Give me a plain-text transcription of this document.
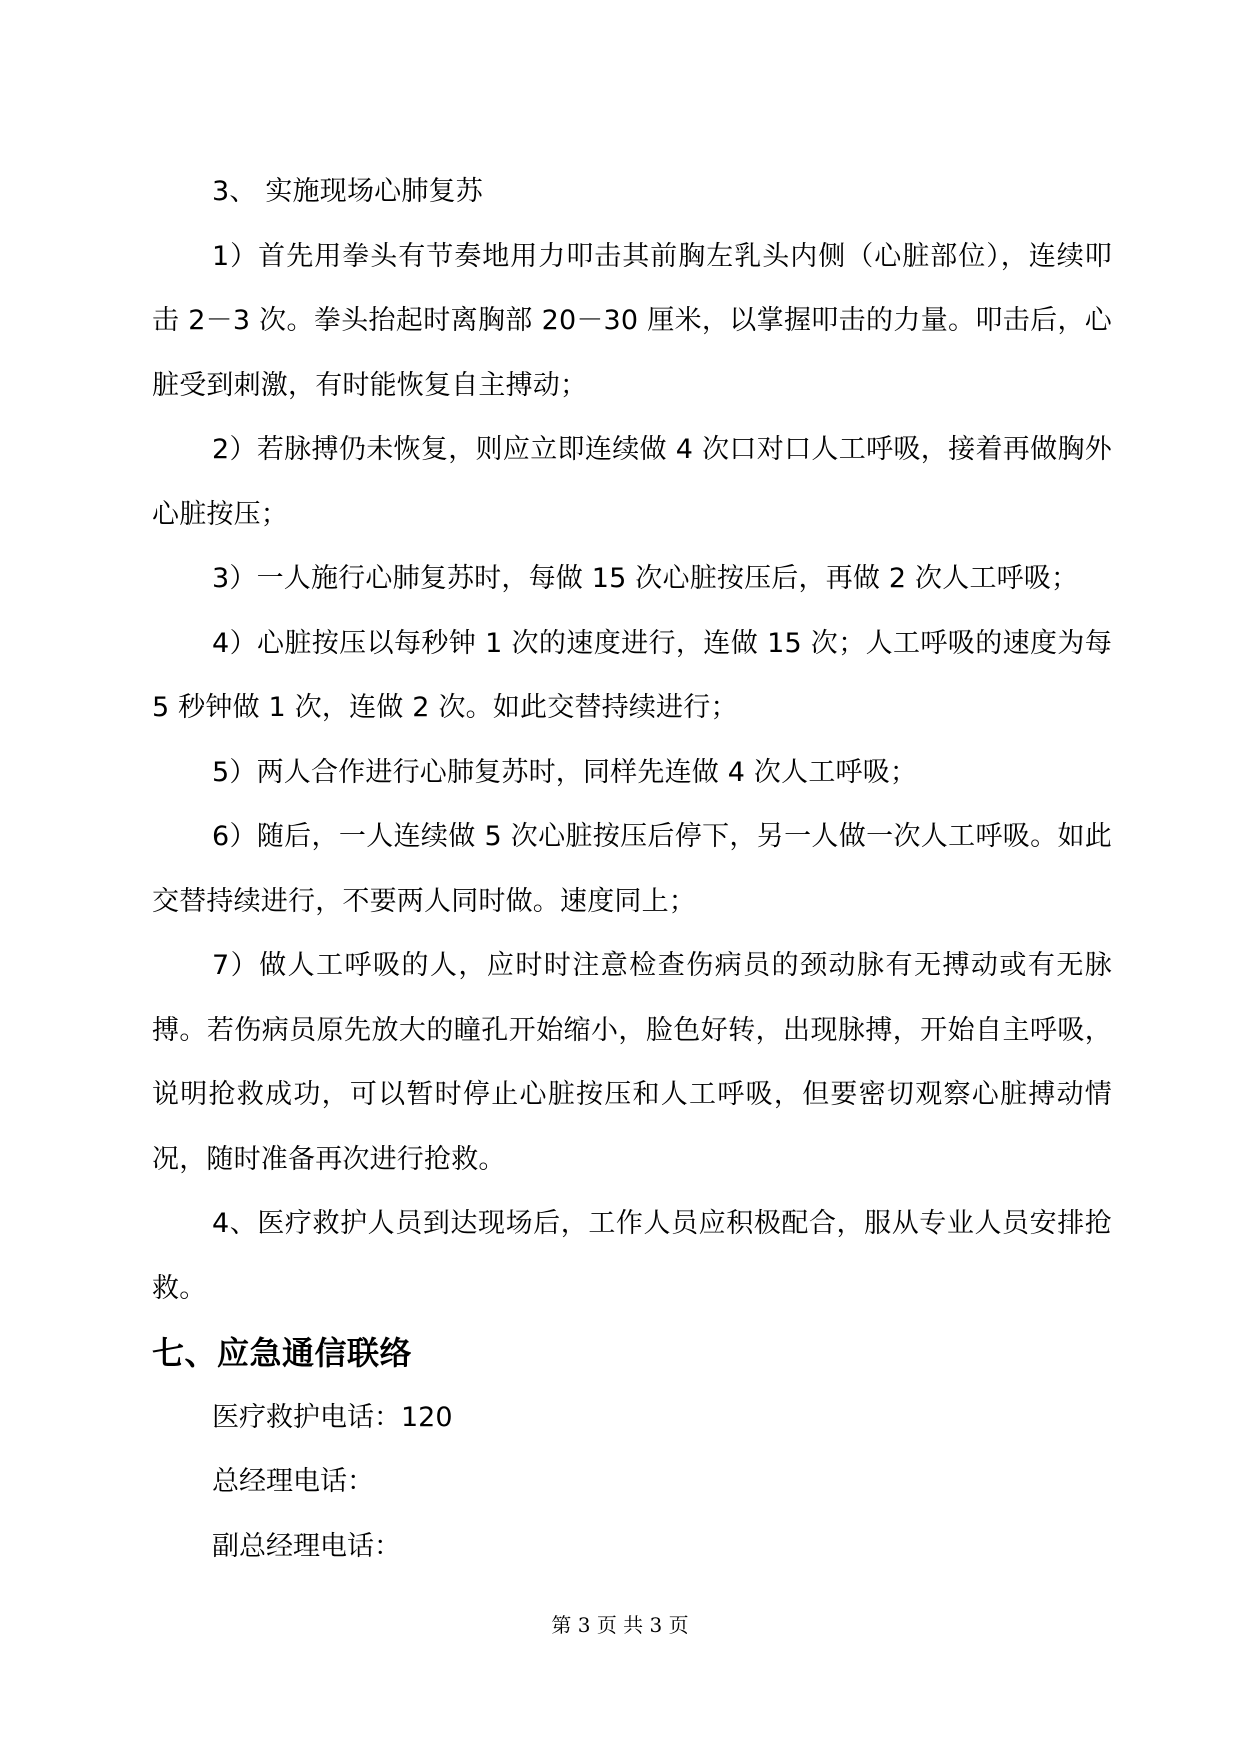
3、 实施现场心肺复苏

1）首先用拳头有节奏地用力叩击其前胸左乳头内侧（心脏部位），连续叩击 2－3 次。拳头抬起时离胸部 20－30 厘米，以掌握叩击的力量。叩击后，心脏受到刺激，有时能恢复自主搏动；

2）若脉搏仍未恢复，则应立即连续做 4 次口对口人工呼吸，接着再做胸外心脏按压；

3）一人施行心肺复苏时，每做 15 次心脏按压后，再做 2 次人工呼吸；

4）心脏按压以每秒钟 1 次的速度进行，连做 15 次；人工呼吸的速度为每 5 秒钟做 1 次，连做 2 次。如此交替持续进行；

5）两人合作进行心肺复苏时，同样先连做 4 次人工呼吸；

6）随后，一人连续做 5 次心脏按压后停下，另一人做一次人工呼吸。如此交替持续进行，不要两人同时做。速度同上；

7）做人工呼吸的人，应时时注意检查伤病员的颈动脉有无搏动或有无脉搏。若伤病员原先放大的瞳孔开始缩小，脸色好转，出现脉搏，开始自主呼吸，说明抢救成功，可以暂时停止心脏按压和人工呼吸，但要密切观察心脏搏动情况，随时准备再次进行抢救。

4、医疗救护人员到达现场后，工作人员应积极配合，服从专业人员安排抢救。

七、应急通信联络

医疗救护电话：120

总经理电话：

副总经理电话：

第 3 页 共 3 页
